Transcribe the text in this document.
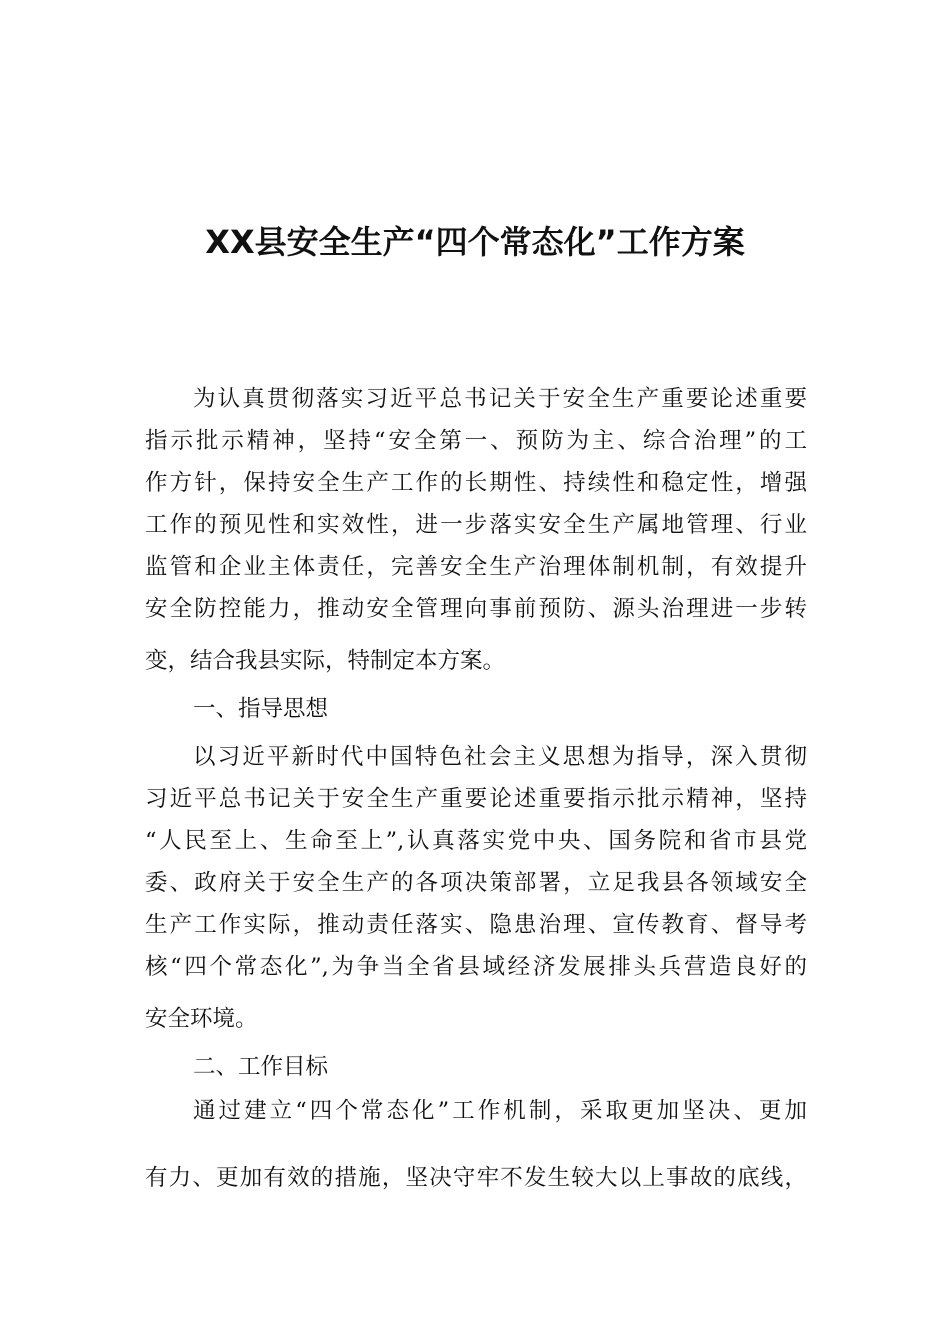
XX县安全生产“四个常态化”工作方案

为认真贯彻落实习近平总书记关于安全生产重要论述重要

指示批示精神，坚持“安全第一、预防为主、综合治理”的工

作方针，保持安全生产工作的长期性、持续性和稳定性，增强

工作的预见性和实效性，进一步落实安全生产属地管理、行业

监管和企业主体责任，完善安全生产治理体制机制，有效提升

安全防控能力，推动安全管理向事前预防、源头治理进一步转

变，结合我县实际，特制定本方案。

一、指导思想

以习近平新时代中国特色社会主义思想为指导，深入贯彻

习近平总书记关于安全生产重要论述重要指示批示精神，坚持

“人民至上、生命至上”,认真落实党中央、国务院和省市县党

委、政府关于安全生产的各项决策部署，立足我县各领域安全

生产工作实际，推动责任落实、隐患治理、宣传教育、督导考

核“四个常态化”,为争当全省县域经济发展排头兵营造良好的

安全环境。

二、工作目标

通过建立“四个常态化”工作机制，采取更加坚决、更加

有力、更加有效的措施，坚决守牢不发生较大以上事故的底线，
